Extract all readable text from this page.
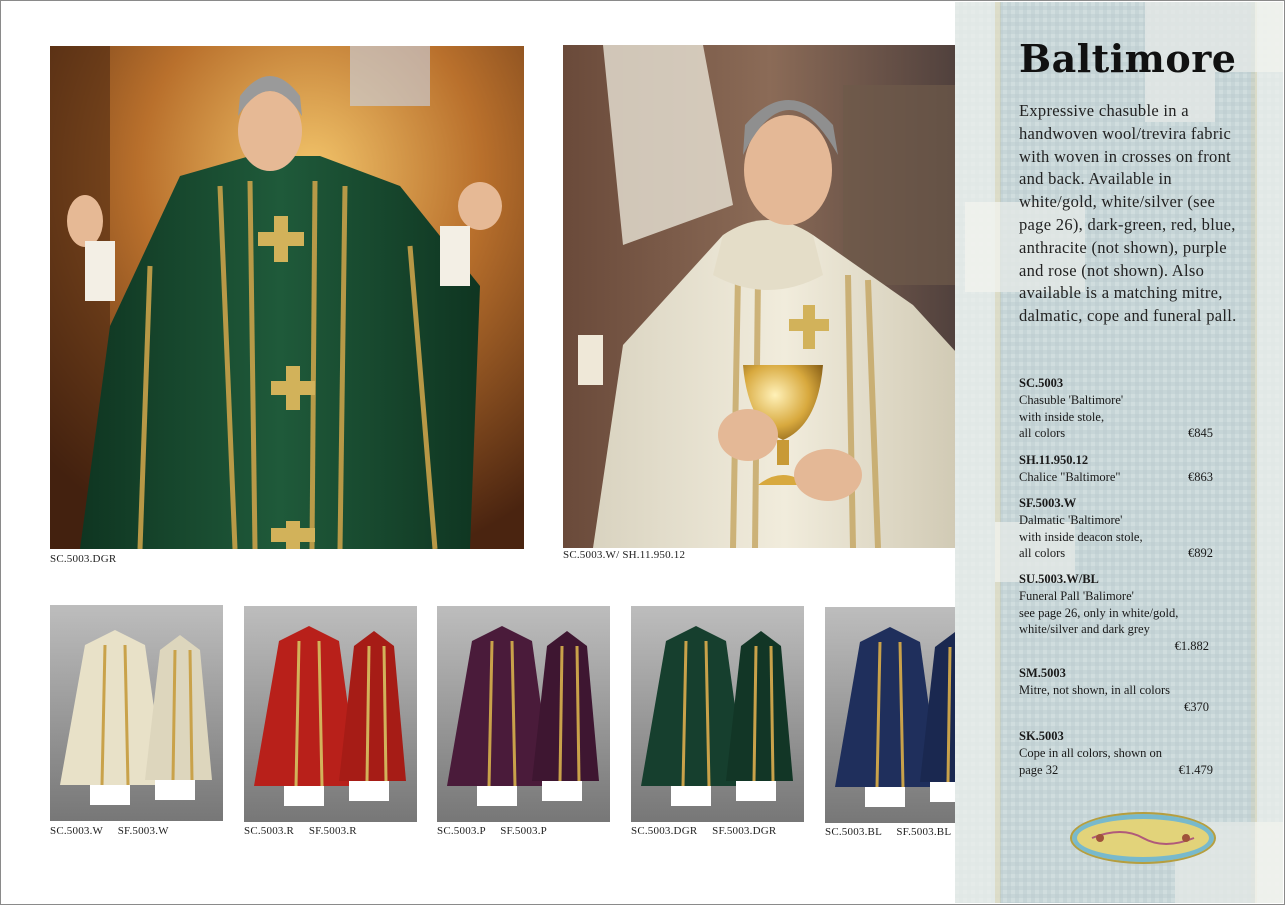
SC.5003.DGR	SC.5003.W/ SH.11.950.12
SC.5003.W     SF.5003.W	SC.5003.R     SF.5003.R	SC.5003.P     SF.5003.P	SC.5003.DGR     SF.5003.DGR	SC.5003.BL     SF.5003.BL
Baltimore
Expressive chasuble in a handwoven wool/trevira fabric with woven in crosses on front and back. Available in white/gold, white/silver (see page 26), dark-green, red, blue, anthracite (not shown), purple and rose (not shown). Also available is a matching mitre, dalmatic, cope and funeral pall.
SC.5003
Chasuble 'Baltimore'
with inside stole,
all colors	€845
SH.11.950.12
Chalice "Baltimore"	€863
SF.5003.W
Dalmatic 'Baltimore'
with inside deacon stole,
all colors	€892
SU.5003.W/BL
Funeral Pall 'Balimore'
see page 26, only in white/gold,
white/silver and dark grey
€1.882
SM.5003
Mitre, not shown, in all colors
€370
SK.5003
Cope in all colors, shown on
page 32	€1.479
